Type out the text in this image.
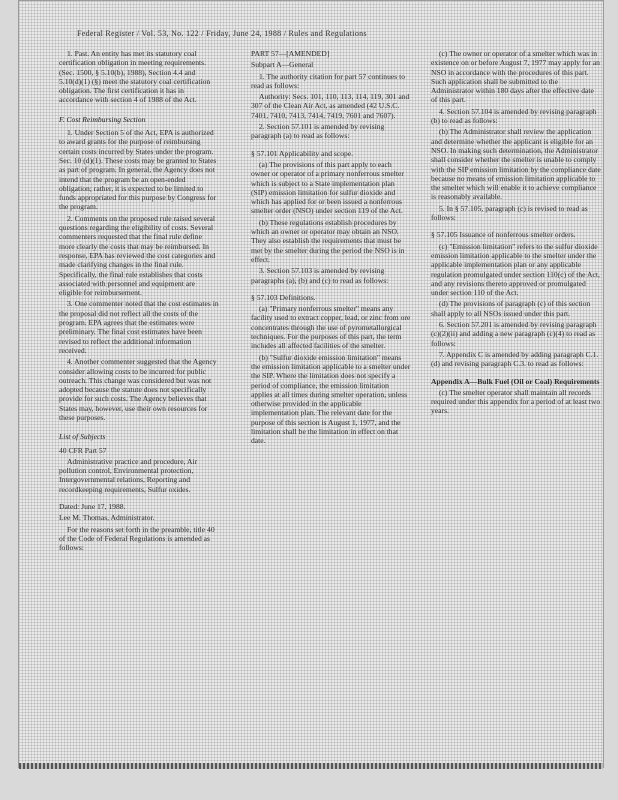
Federal Register / Vol. 53, No. 122 / Friday, June 24, 1988 / Rules and Regulations

1. Past. An entity has met its statutory coal certification obligation in meeting requirements. (Sec. 1500, § 5.10(b), 1988), Section 4.4 and 5.10(d)(1) (§) meet the statutory coal certification obligation. The first certification it has in accordance with section 4 of 1988 of the Act.

F. Cost Reimbursing Section

1. Under Section 5 of the Act, EPA is authorized to award grants for the purpose of reimbursing certain costs incurred by States under the program. Sec. 10 (d)(1). These costs may be granted to States as part of program. In general, the Agency does not intend that the program be an open-ended obligation; rather, it is expected to be limited to funds appropriated for this purpose by Congress for the program.

2. Comments on the proposed rule raised several questions regarding the eligibility of costs. Several commenters requested that the final rule define more clearly the costs that may be reimbursed. In response, EPA has reviewed the cost categories and made clarifying changes in the final rule. Specifically, the final rule establishes that costs associated with personnel and equipment are eligible for reimbursement.

3. One commenter noted that the cost estimates in the proposal did not reflect all the costs of the program. EPA agrees that the estimates were preliminary. The final cost estimates have been revised to reflect the additional information received.

4. Another commenter suggested that the Agency consider allowing costs to be incurred for public outreach. This change was considered but was not adopted because the statute does not specifically provide for such costs. The Agency believes that States may, however, use their own resources for these purposes.

List of Subjects

40 CFR Part 57

Administrative practice and procedure, Air pollution control, Environmental protection, Intergovernmental relations, Reporting and recordkeeping requirements, Sulfur oxides.

Dated: June 17, 1988.

Lee M. Thomas, Administrator.

For the reasons set forth in the preamble, title 40 of the Code of Federal Regulations is amended as follows:

PART 57—[AMENDED]

Subpart A—General

1. The authority citation for part 57 continues to read as follows:

Authority: Secs. 101, 110, 113, 114, 119, 301 and 307 of the Clean Air Act, as amended (42 U.S.C. 7401, 7410, 7413, 7414, 7419, 7601 and 7607).

2. Section 57.101 is amended by revising paragraph (a) to read as follows:

§ 57.101 Applicability and scope.

(a) The provisions of this part apply to each owner or operator of a primary nonferrous smelter which is subject to a State implementation plan (SIP) emission limitation for sulfur dioxide and which has applied for or been issued a nonferrous smelter order (NSO) under section 119 of the Act.

(b) These regulations establish procedures by which an owner or operator may obtain an NSO. They also establish the requirements that must be met by the smelter during the period the NSO is in effect.

3. Section 57.103 is amended by revising paragraphs (a), (b) and (c) to read as follows:

§ 57.103 Definitions.

(a) "Primary nonferrous smelter" means any facility used to extract copper, lead, or zinc from ore concentrates through the use of pyrometallurgical techniques. For the purposes of this part, the term includes all affected facilities of the smelter.

(b) "Sulfur dioxide emission limitation" means the emission limitation applicable to a smelter under the SIP. Where the limitation does not specify a period of compliance, the emission limitation applies at all times during smelter operation, unless otherwise provided in the applicable implementation plan. The relevant date for the purpose of this section is August 1, 1977, and the limitation shall be the limitation in effect on that date.

(c) The owner or operator of a smelter which was in existence on or before August 7, 1977 may apply for an NSO in accordance with the procedures of this part. Such application shall be submitted to the Administrator within 180 days after the effective date of this part.

4. Section 57.104 is amended by revising paragraph (b) to read as follows:

(b) The Administrator shall review the application and determine whether the applicant is eligible for an NSO. In making such determination, the Administrator shall consider whether the smelter is unable to comply with the SIP emission limitation by the compliance date because no means of emission limitation applicable to the smelter which will enable it to achieve compliance is reasonably available.

5. In § 57.105, paragraph (c) is revised to read as follows:

§ 57.105 Issuance of nonferrous smelter orders.

(c) "Emission limitation" refers to the sulfur dioxide emission limitation applicable to the smelter under the applicable implementation plan or any applicable regulation promulgated under section 110(c) of the Act, and any revisions thereto approved or promulgated under section 110 of the Act.

(d) The provisions of paragraph (c) of this section shall apply to all NSOs issued under this part.

6. Section 57.201 is amended by revising paragraph (c)(2)(ii) and adding a new paragraph (c)(4) to read as follows:

7. Appendix C is amended by adding paragraph C.1.(d) and revising paragraph C.3. to read as follows:

Appendix A—Bulk Fuel (Oil or Coal) Requirements

(c) The smelter operator shall maintain all records required under this appendix for a period of at least two years.
